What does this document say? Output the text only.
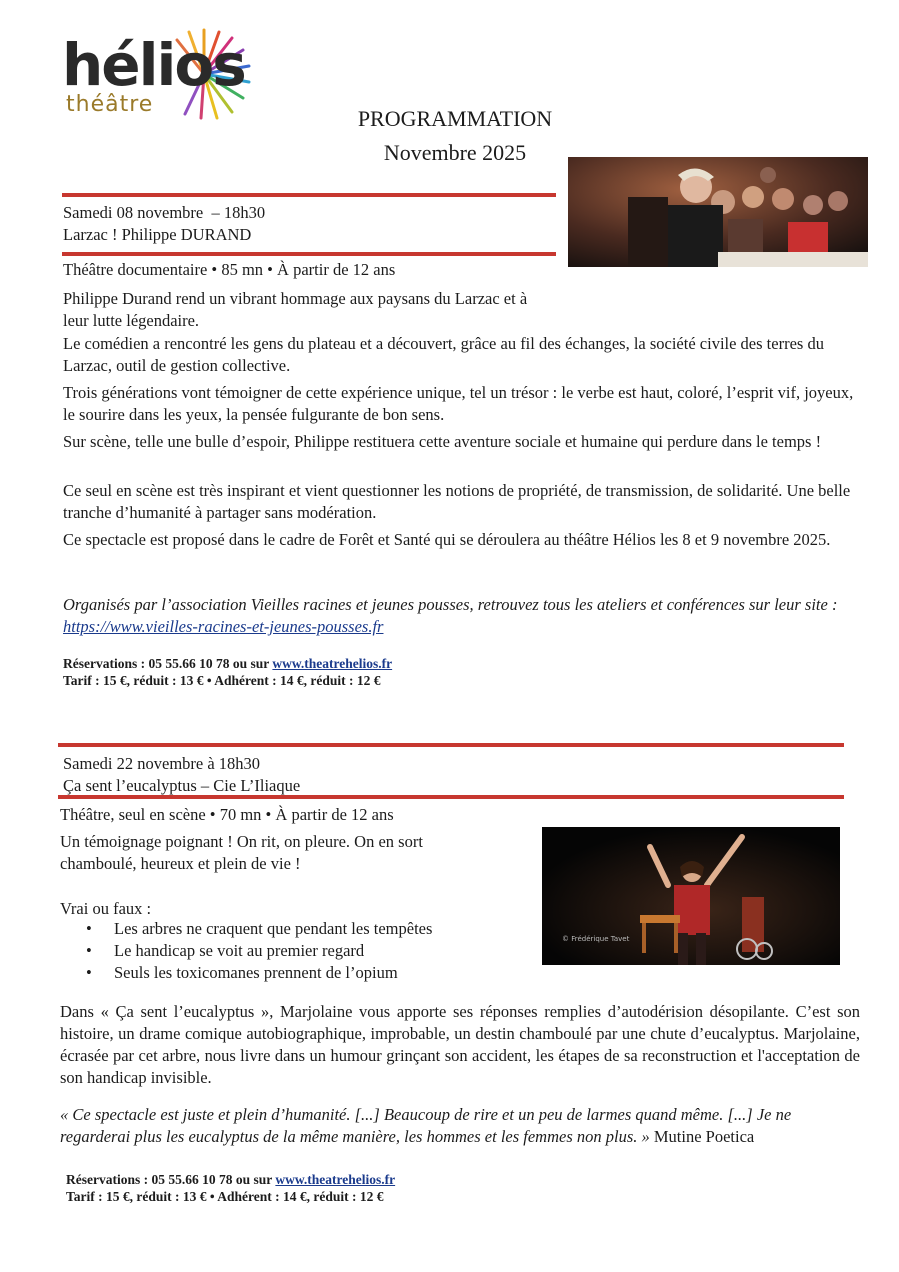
hélios
théâtre
PROGRAMMATION
Novembre 2025
Samedi 08 novembre  – 18h30
Larzac ! Philippe DURAND
Théâtre documentaire • 85 mn • À partir de 12 ans
Philippe Durand rend un vibrant hommage aux paysans du Larzac et à leur lutte légendaire.
Le comédien a rencontré les gens du plateau et a découvert, grâce au fil des échanges, la société civile des terres du Larzac, outil de gestion collective.
Trois générations vont témoigner de cette expérience unique, tel un trésor : le verbe est haut, coloré, l’esprit vif, joyeux, le sourire dans les yeux, la pensée fulgurante de bon sens.
Sur scène, telle une bulle d’espoir, Philippe restituera cette aventure sociale et humaine qui perdure dans le temps !
Ce seul en scène est très inspirant et vient questionner les notions de propriété, de transmission, de solidarité. Une belle tranche d’humanité à partager sans modération.
Ce spectacle est proposé dans le cadre de Forêt et Santé qui se déroulera au théâtre Hélios les 8 et 9 novembre 2025.
Organisés par l’association Vieilles racines et jeunes pousses, retrouvez tous les ateliers et conférences sur leur site : https://www.vieilles-racines-et-jeunes-pousses.fr
Réservations : 05 55.66 10 78 ou sur www.theatrehelios.fr
Tarif : 15 €, réduit : 13 € • Adhérent : 14 €, réduit : 12 €
Samedi 22 novembre à 18h30
Ça sent l’eucalyptus – Cie L’Iliaque
Théâtre, seul en scène • 70 mn • À partir de 12 ans
Un témoignage poignant ! On rit, on pleure. On en sort chamboulé, heureux et plein de vie !
© Frédérique Tavet
Vrai ou faux :
• Les arbres ne craquent que pendant les tempêtes
• Le handicap se voit au premier regard
• Seuls les toxicomanes prennent de l’opium
Dans « Ça sent l’eucalyptus », Marjolaine vous apporte ses réponses remplies d’autodérision désopilante. C’est son histoire, un drame comique autobiographique, improbable, un destin chamboulé par une chute d’eucalyptus. Marjolaine, écrasée par cet arbre, nous livre dans un humour grinçant son accident, les étapes de sa reconstruction et l'acceptation de son handicap invisible.
« Ce spectacle est juste et plein d’humanité. [...] Beaucoup de rire et un peu de larmes quand même. [...] Je ne regarderai plus les eucalyptus de la même manière, les hommes et les femmes non plus. » Mutine Poetica
Réservations : 05 55.66 10 78 ou sur www.theatrehelios.fr
Tarif : 15 €, réduit : 13 € • Adhérent : 14 €, réduit : 12 €
